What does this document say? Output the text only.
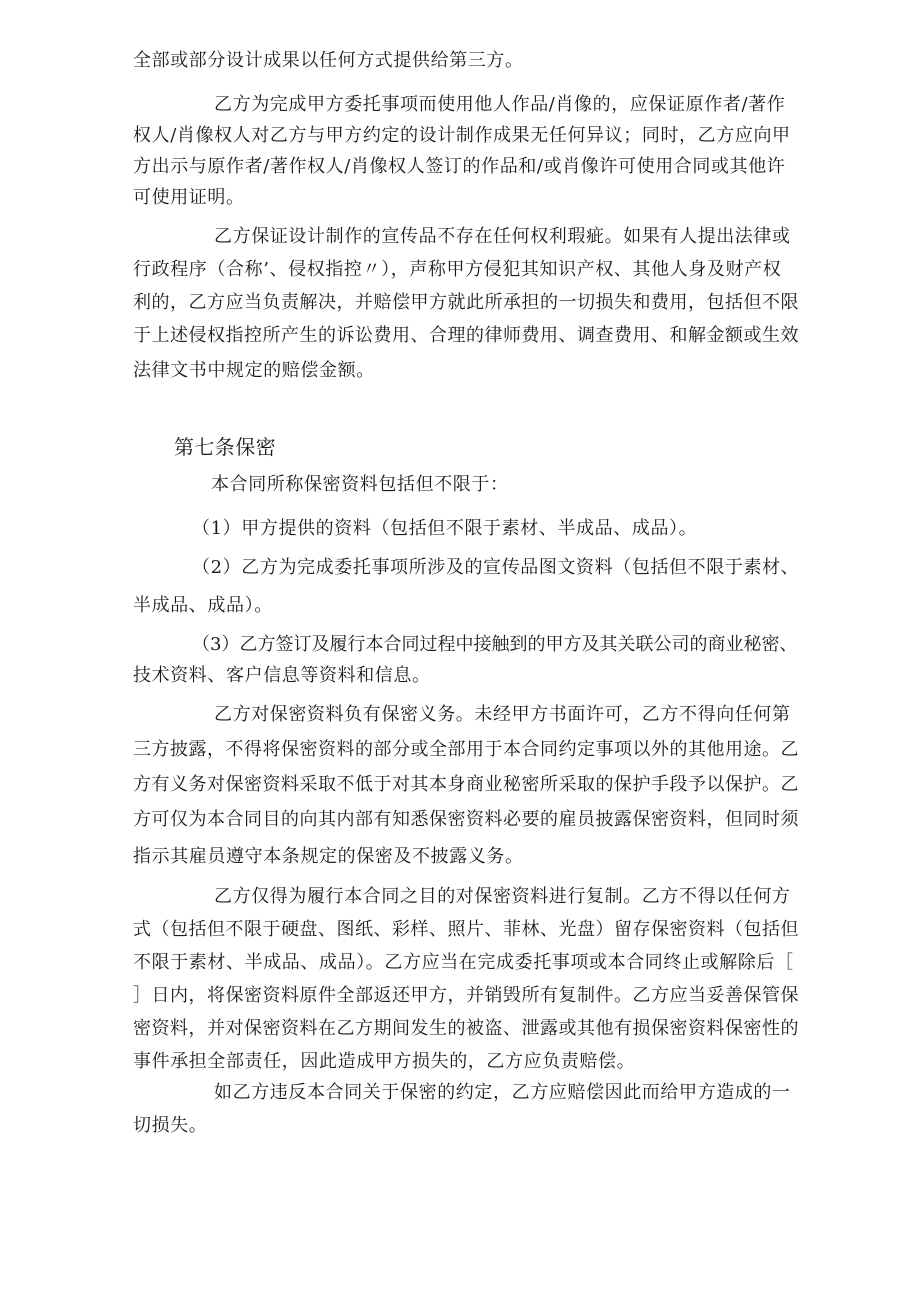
全部或部分设计成果以任何方式提供给第三方。
乙方为完成甲方委托事项而使用他人作品/肖像的，应保证原作者/著作
权人/肖像权人对乙方与甲方约定的设计制作成果无任何异议；同时，乙方应向甲
方出示与原作者/著作权人/肖像权人签订的作品和/或肖像许可使用合同或其他许
可使用证明。
乙方保证设计制作的宣传品不存在任何权利瑕疵。如果有人提出法律或
行政程序（合称’、侵权指控〃），声称甲方侵犯其知识产权、其他人身及财产权
利的，乙方应当负责解决，并赔偿甲方就此所承担的一切损失和费用，包括但不限
于上述侵权指控所产生的诉讼费用、合理的律师费用、调查费用、和解金额或生效
法律文书中规定的赔偿金额。
第七条保密
本合同所称保密资料包括但不限于：
（1）甲方提供的资料（包括但不限于素材、半成品、成品）。
（2）乙方为完成委托事项所涉及的宣传品图文资料（包括但不限于素材、
半成品、成品）。
（3）乙方签订及履行本合同过程中接触到的甲方及其关联公司的商业秘密、
技术资料、客户信息等资料和信息。
乙方对保密资料负有保密义务。未经甲方书面许可，乙方不得向任何第
三方披露，不得将保密资料的部分或全部用于本合同约定事项以外的其他用途。乙
方有义务对保密资料采取不低于对其本身商业秘密所采取的保护手段予以保护。乙
方可仅为本合同目的向其内部有知悉保密资料必要的雇员披露保密资料，但同时须
指示其雇员遵守本条规定的保密及不披露义务。
乙方仅得为履行本合同之目的对保密资料进行复制。乙方不得以任何方
式（包括但不限于硬盘、图纸、彩样、照片、菲林、光盘）留存保密资料（包括但
不限于素材、半成品、成品）。乙方应当在完成委托事项或本合同终止或解除后［
］日内，将保密资料原件全部返还甲方，并销毁所有复制件。乙方应当妥善保管保
密资料，并对保密资料在乙方期间发生的被盗、泄露或其他有损保密资料保密性的
事件承担全部责任，因此造成甲方损失的，乙方应负责赔偿。
如乙方违反本合同关于保密的约定，乙方应赔偿因此而给甲方造成的一
切损失。
